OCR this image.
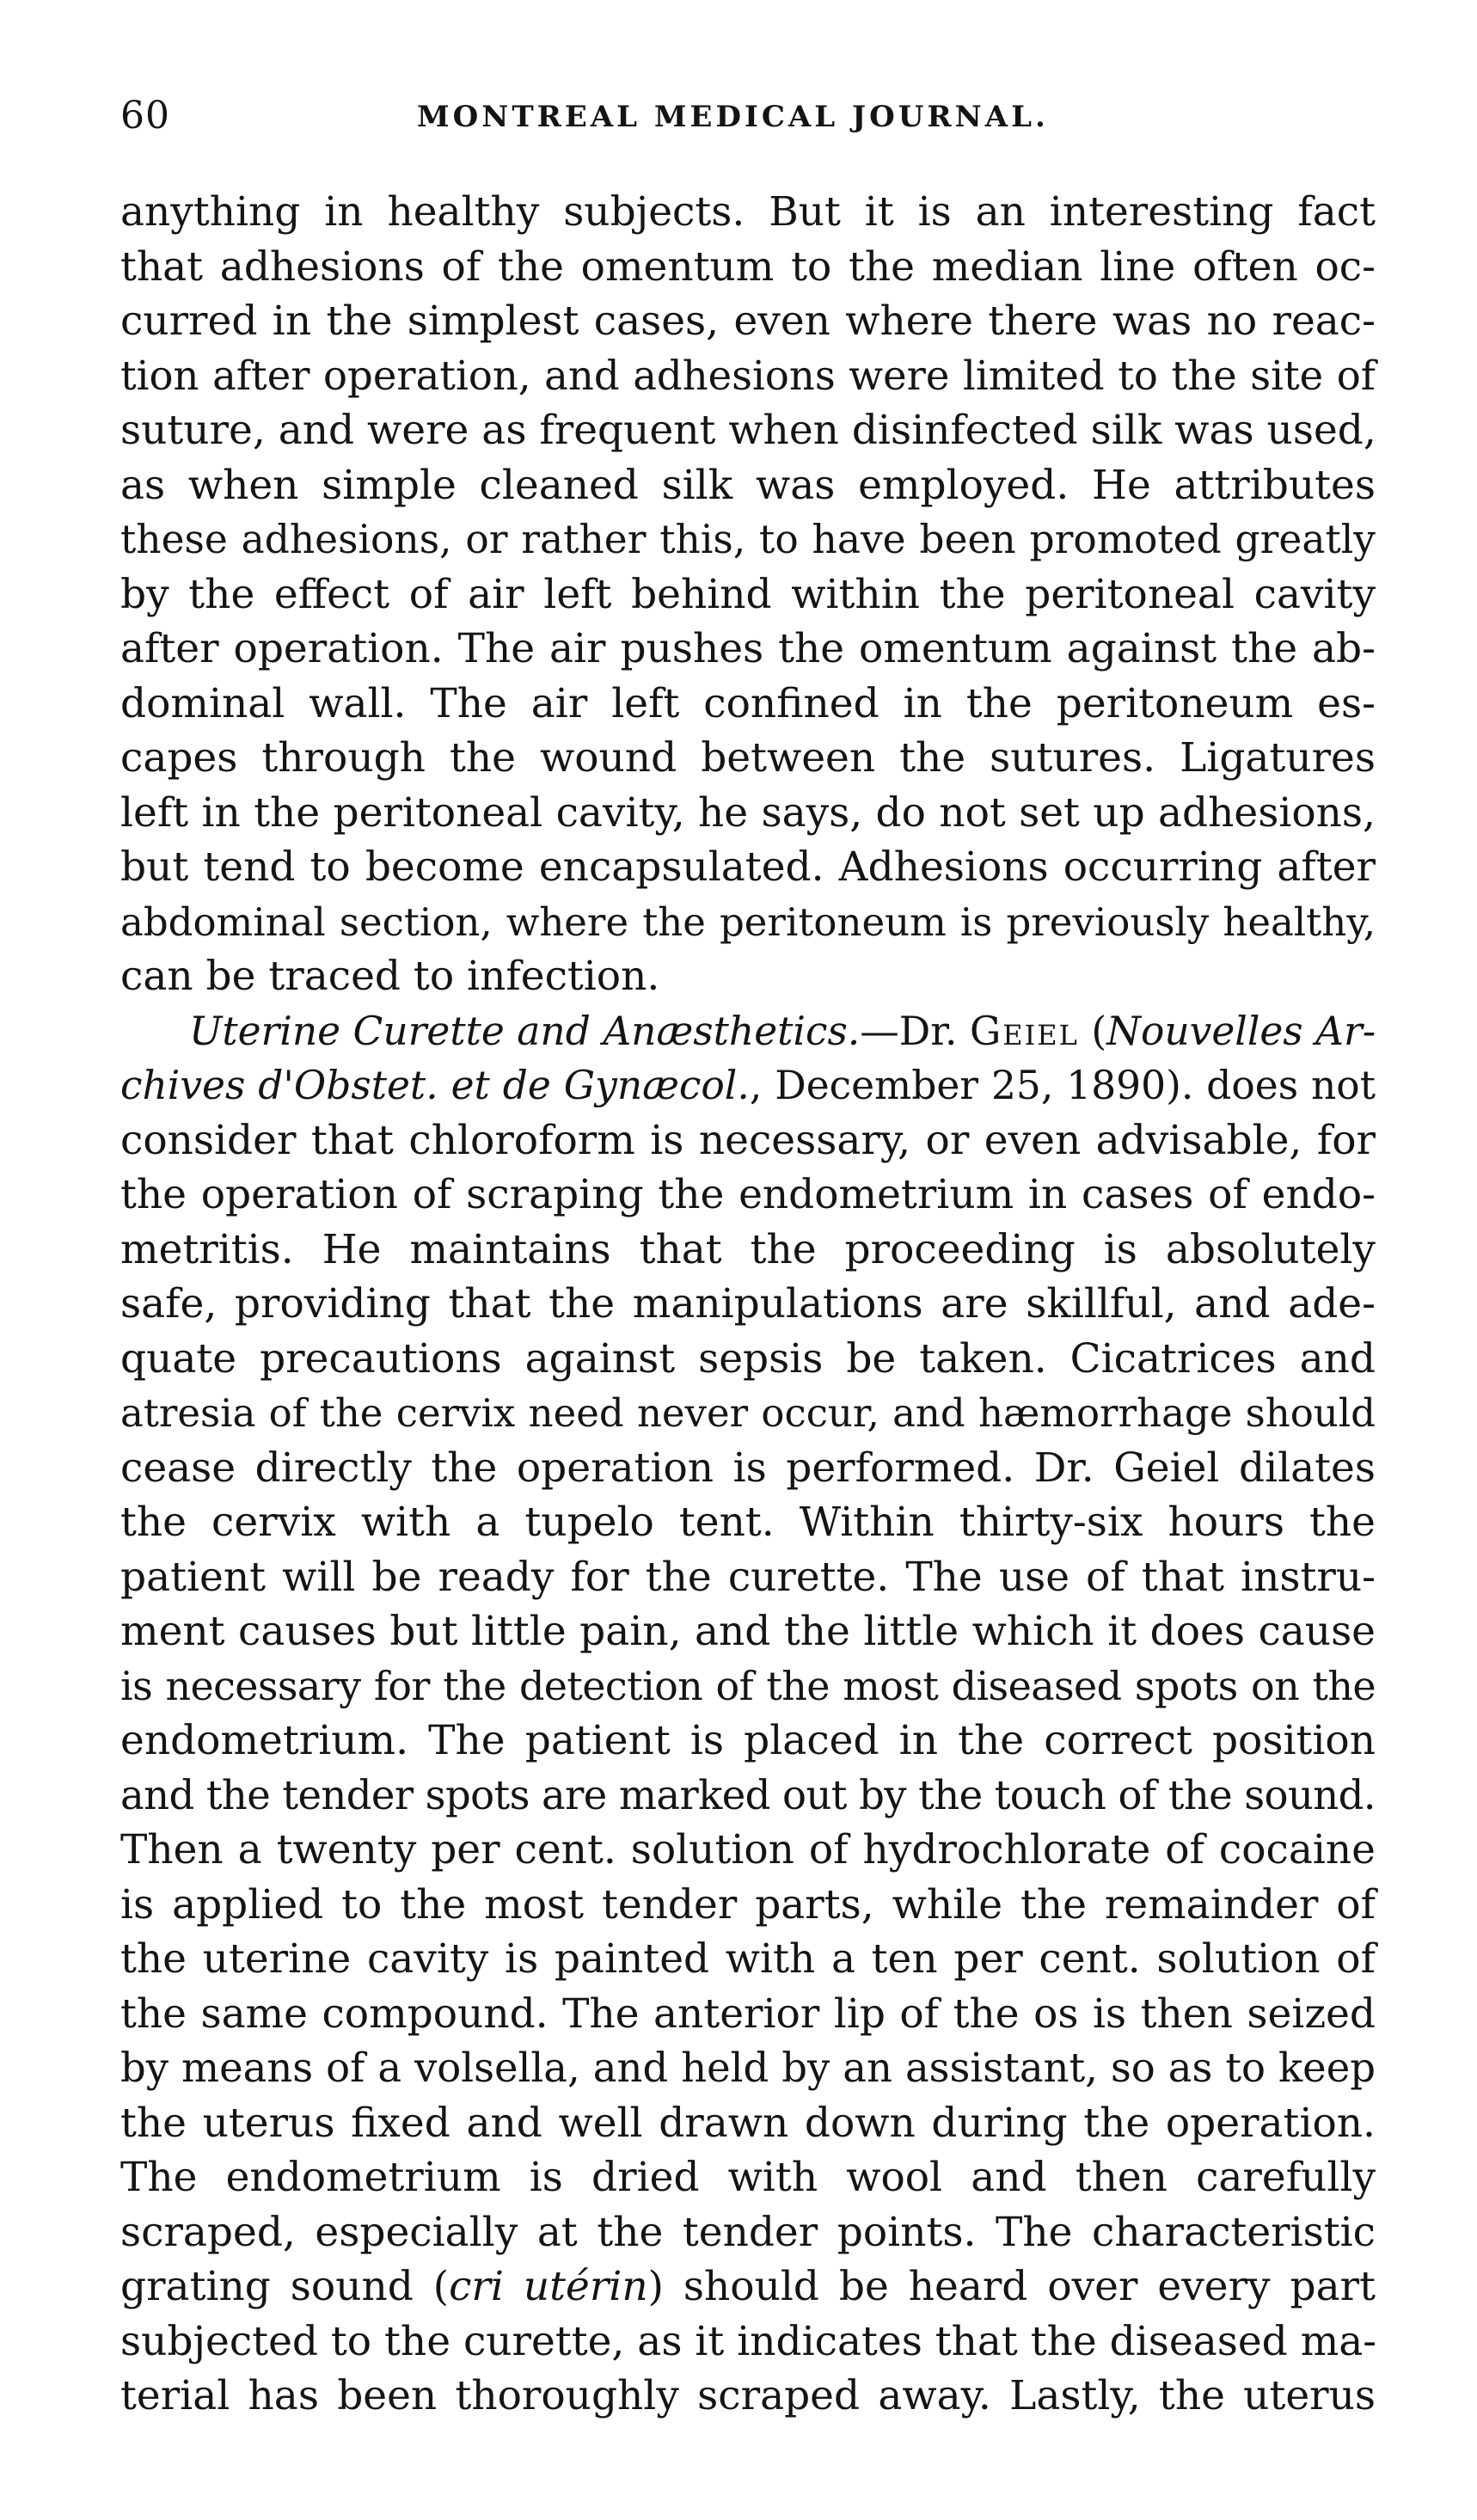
60	MONTREAL MEDICAL JOURNAL.
anything in healthy subjects. But it is an interesting fact
that adhesions of the omentum to the median line often oc-
curred in the simplest cases, even where there was no reac-
tion after operation, and adhesions were limited to the site of
suture, and were as frequent when disinfected silk was used,
as when simple cleaned silk was employed. He attributes
these adhesions, or rather this, to have been promoted greatly
by the effect of air left behind within the peritoneal cavity
after operation. The air pushes the omentum against the ab-
dominal wall. The air left confined in the peritoneum es-
capes through the wound between the sutures. Ligatures
left in the peritoneal cavity, he says, do not set up adhesions,
but tend to become encapsulated. Adhesions occurring after
abdominal section, where the peritoneum is previously healthy,
can be traced to infection.
Uterine Curette and Anæsthetics.—Dr. Geiel (Nouvelles Ar-
chives d'Obstet. et de Gynæcol., December 25, 1890). does not
consider that chloroform is necessary, or even advisable, for
the operation of scraping the endometrium in cases of endo-
metritis. He maintains that the proceeding is absolutely
safe, providing that the manipulations are skillful, and ade-
quate precautions against sepsis be taken. Cicatrices and
atresia of the cervix need never occur, and hæmorrhage should
cease directly the operation is performed. Dr. Geiel dilates
the cervix with a tupelo tent. Within thirty-six hours the
patient will be ready for the curette. The use of that instru-
ment causes but little pain, and the little which it does cause
is necessary for the detection of the most diseased spots on the
endometrium. The patient is placed in the correct position
and the tender spots are marked out by the touch of the sound.
Then a twenty per cent. solution of hydrochlorate of cocaine
is applied to the most tender parts, while the remainder of
the uterine cavity is painted with a ten per cent. solution of
the same compound. The anterior lip of the os is then seized
by means of a volsella, and held by an assistant, so as to keep
the uterus fixed and well drawn down during the operation.
The endometrium is dried with wool and then carefully
scraped, especially at the tender points. The characteristic
grating sound (cri utérin) should be heard over every part
subjected to the curette, as it indicates that the diseased ma-
terial has been thoroughly scraped away. Lastly, the uterus
